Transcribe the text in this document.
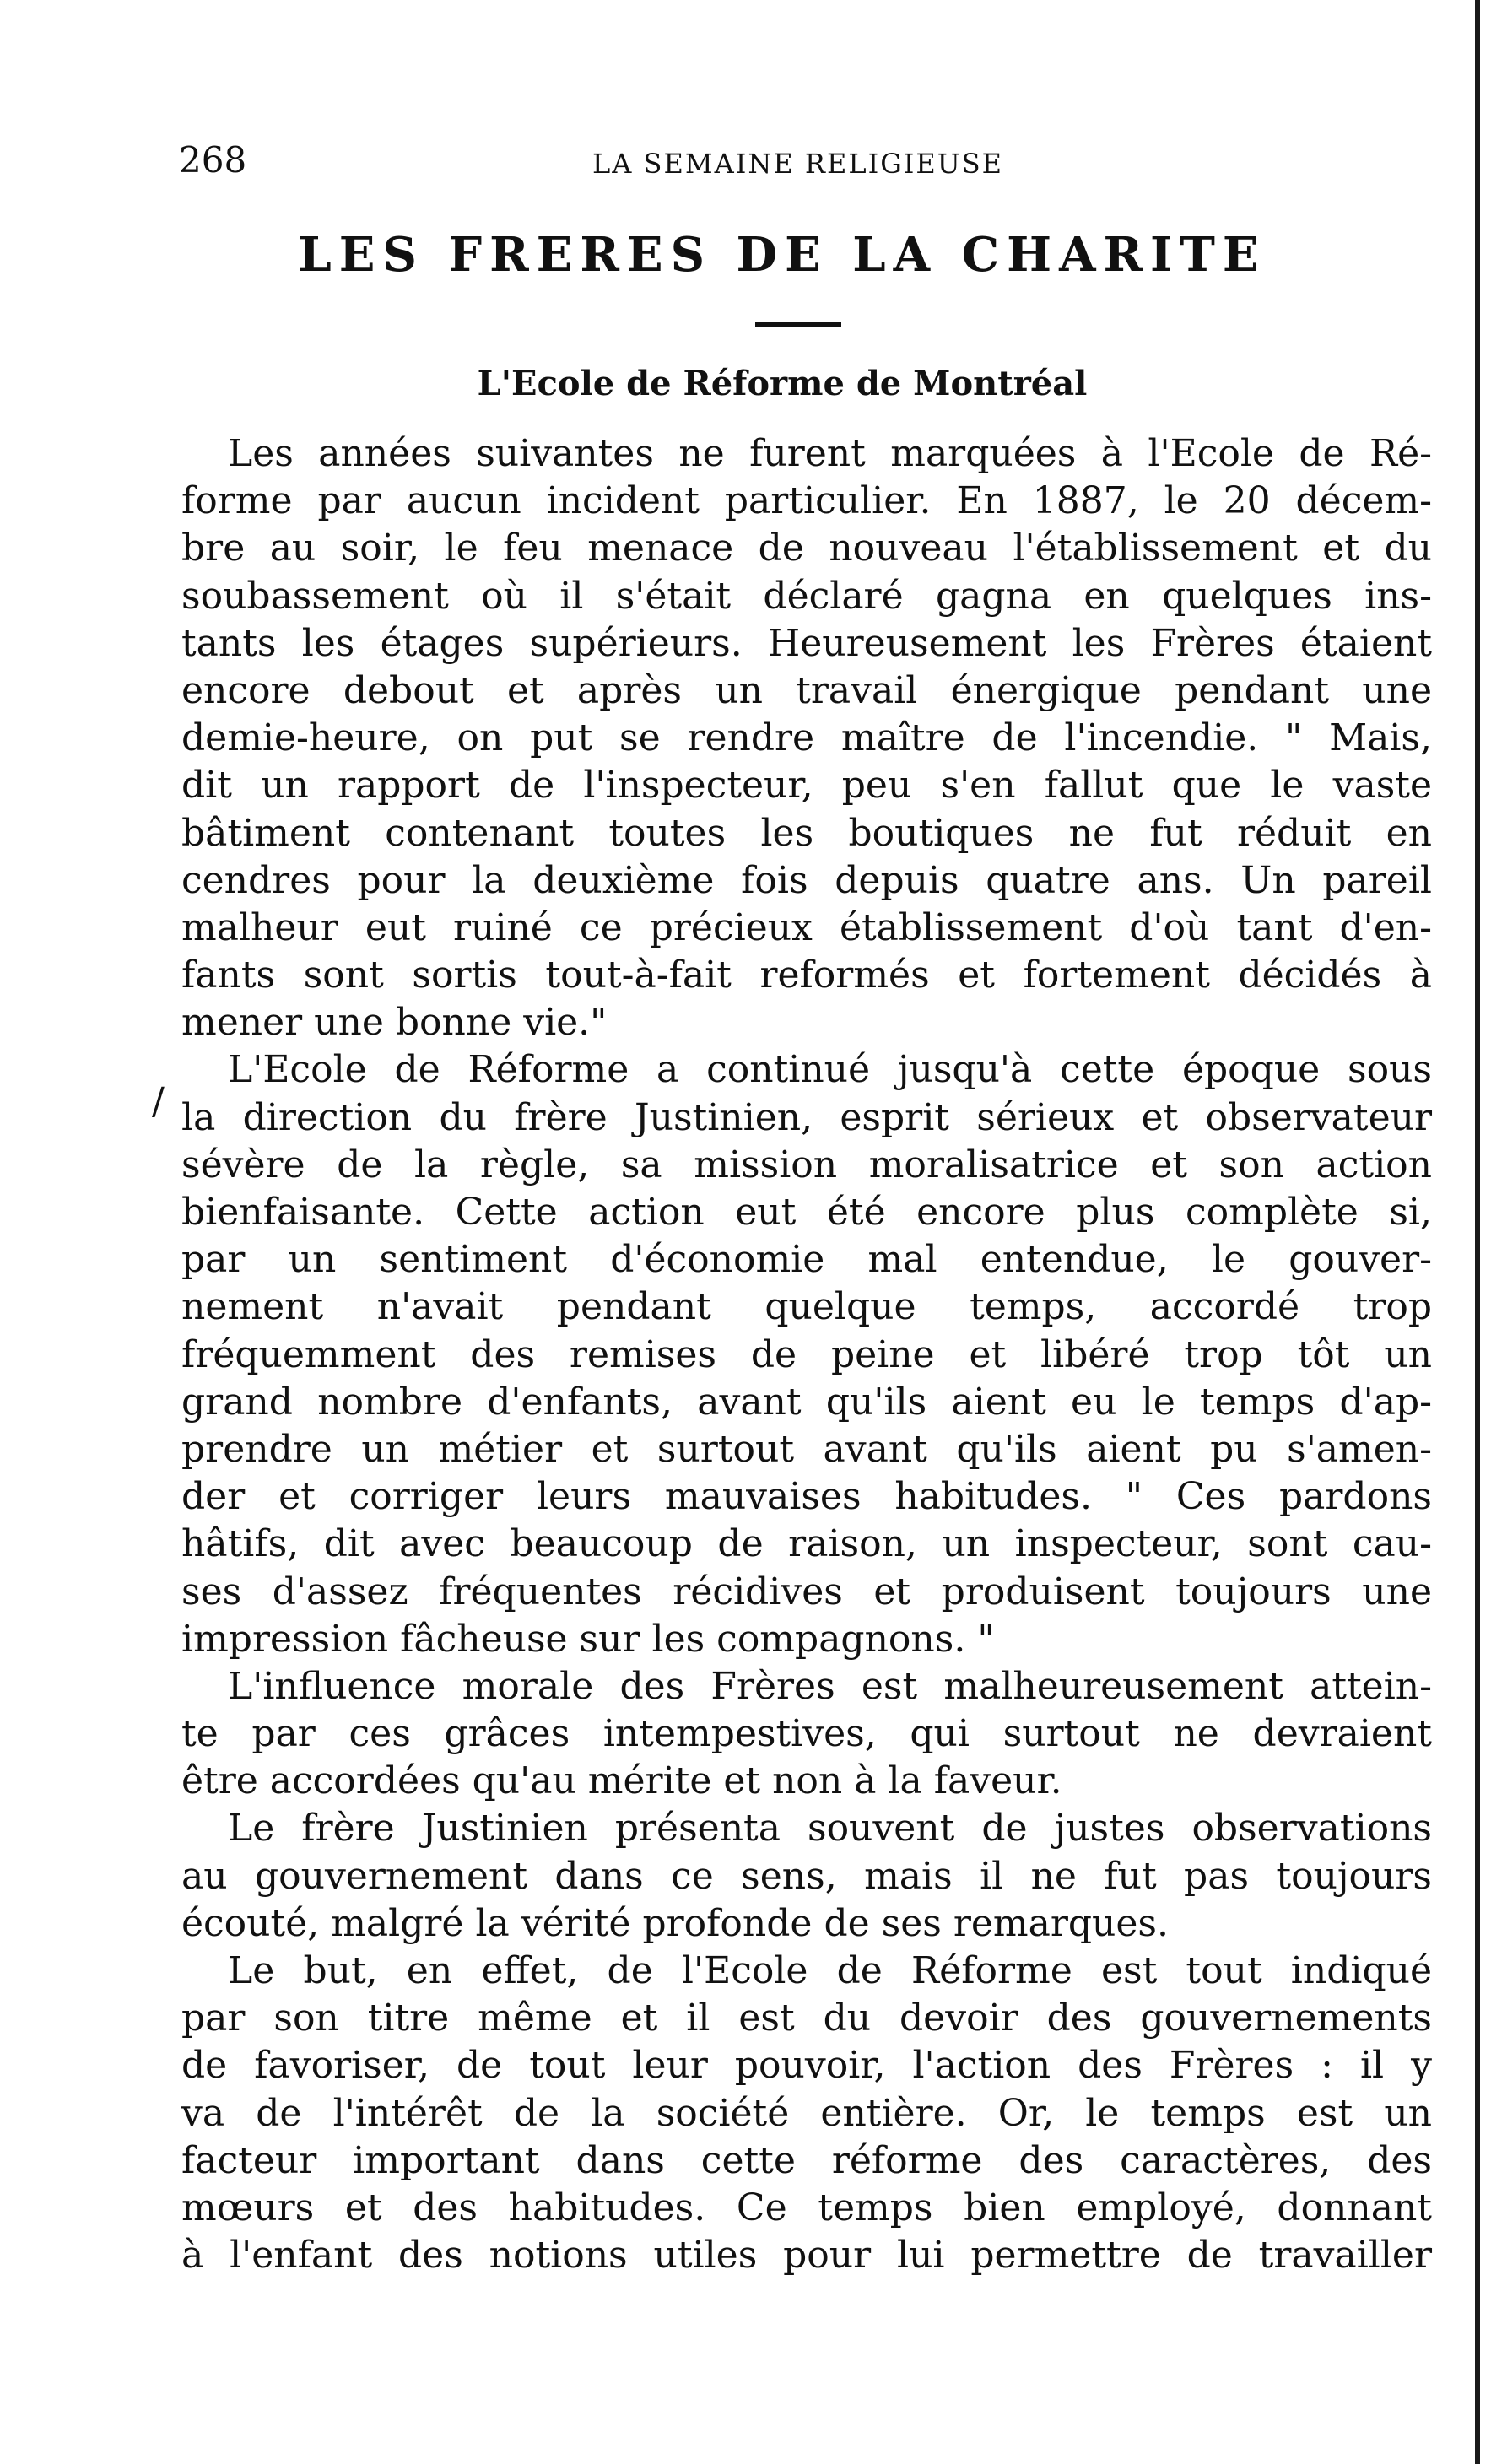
268	LA SEMAINE RELIGIEUSE
LES FRERES DE LA CHARITE
L'Ecole de Réforme de Montréal
/
Les années suivantes ne furent marquées à l'Ecole de Ré-
forme par aucun incident particulier. En 1887, le 20 décem-
bre au soir, le feu menace de nouveau l'établissement et du
soubassement où il s'était déclaré gagna en quelques ins-
tants les étages supérieurs. Heureusement les Frères étaient
encore debout et après un travail énergique pendant une
demie-heure, on put se rendre maître de l'incendie. " Mais,
dit un rapport de l'inspecteur, peu s'en fallut que le vaste
bâtiment contenant toutes les boutiques ne fut réduit en
cendres pour la deuxième fois depuis quatre ans. Un pareil
malheur eut ruiné ce précieux établissement d'où tant d'en-
fants sont sortis tout-à-fait reformés et fortement décidés à
mener une bonne vie."
L'Ecole de Réforme a continué jusqu'à cette époque sous
la direction du frère Justinien, esprit sérieux et observateur
sévère de la règle, sa mission moralisatrice et son action
bienfaisante. Cette action eut été encore plus complète si,
par un sentiment d'économie mal entendue, le gouver-
nement n'avait pendant quelque temps, accordé trop
fréquemment des remises de peine et libéré trop tôt un
grand nombre d'enfants, avant qu'ils aient eu le temps d'ap-
prendre un métier et surtout avant qu'ils aient pu s'amen-
der et corriger leurs mauvaises habitudes. " Ces pardons
hâtifs, dit avec beaucoup de raison, un inspecteur, sont cau-
ses d'assez fréquentes récidives et produisent toujours une
impression fâcheuse sur les compagnons. "
L'influence morale des Frères est malheureusement attein-
te par ces grâces intempestives, qui surtout ne devraient
être accordées qu'au mérite et non à la faveur.
Le frère Justinien présenta souvent de justes observations
au gouvernement dans ce sens, mais il ne fut pas toujours
écouté, malgré la vérité profonde de ses remarques.
Le but, en effet, de l'Ecole de Réforme est tout indiqué
par son titre même et il est du devoir des gouvernements
de favoriser, de tout leur pouvoir, l'action des Frères : il y
va de l'intérêt de la société entière. Or, le temps est un
facteur important dans cette réforme des caractères, des
mœurs et des habitudes. Ce temps bien employé, donnant
à l'enfant des notions utiles pour lui permettre de travailler
